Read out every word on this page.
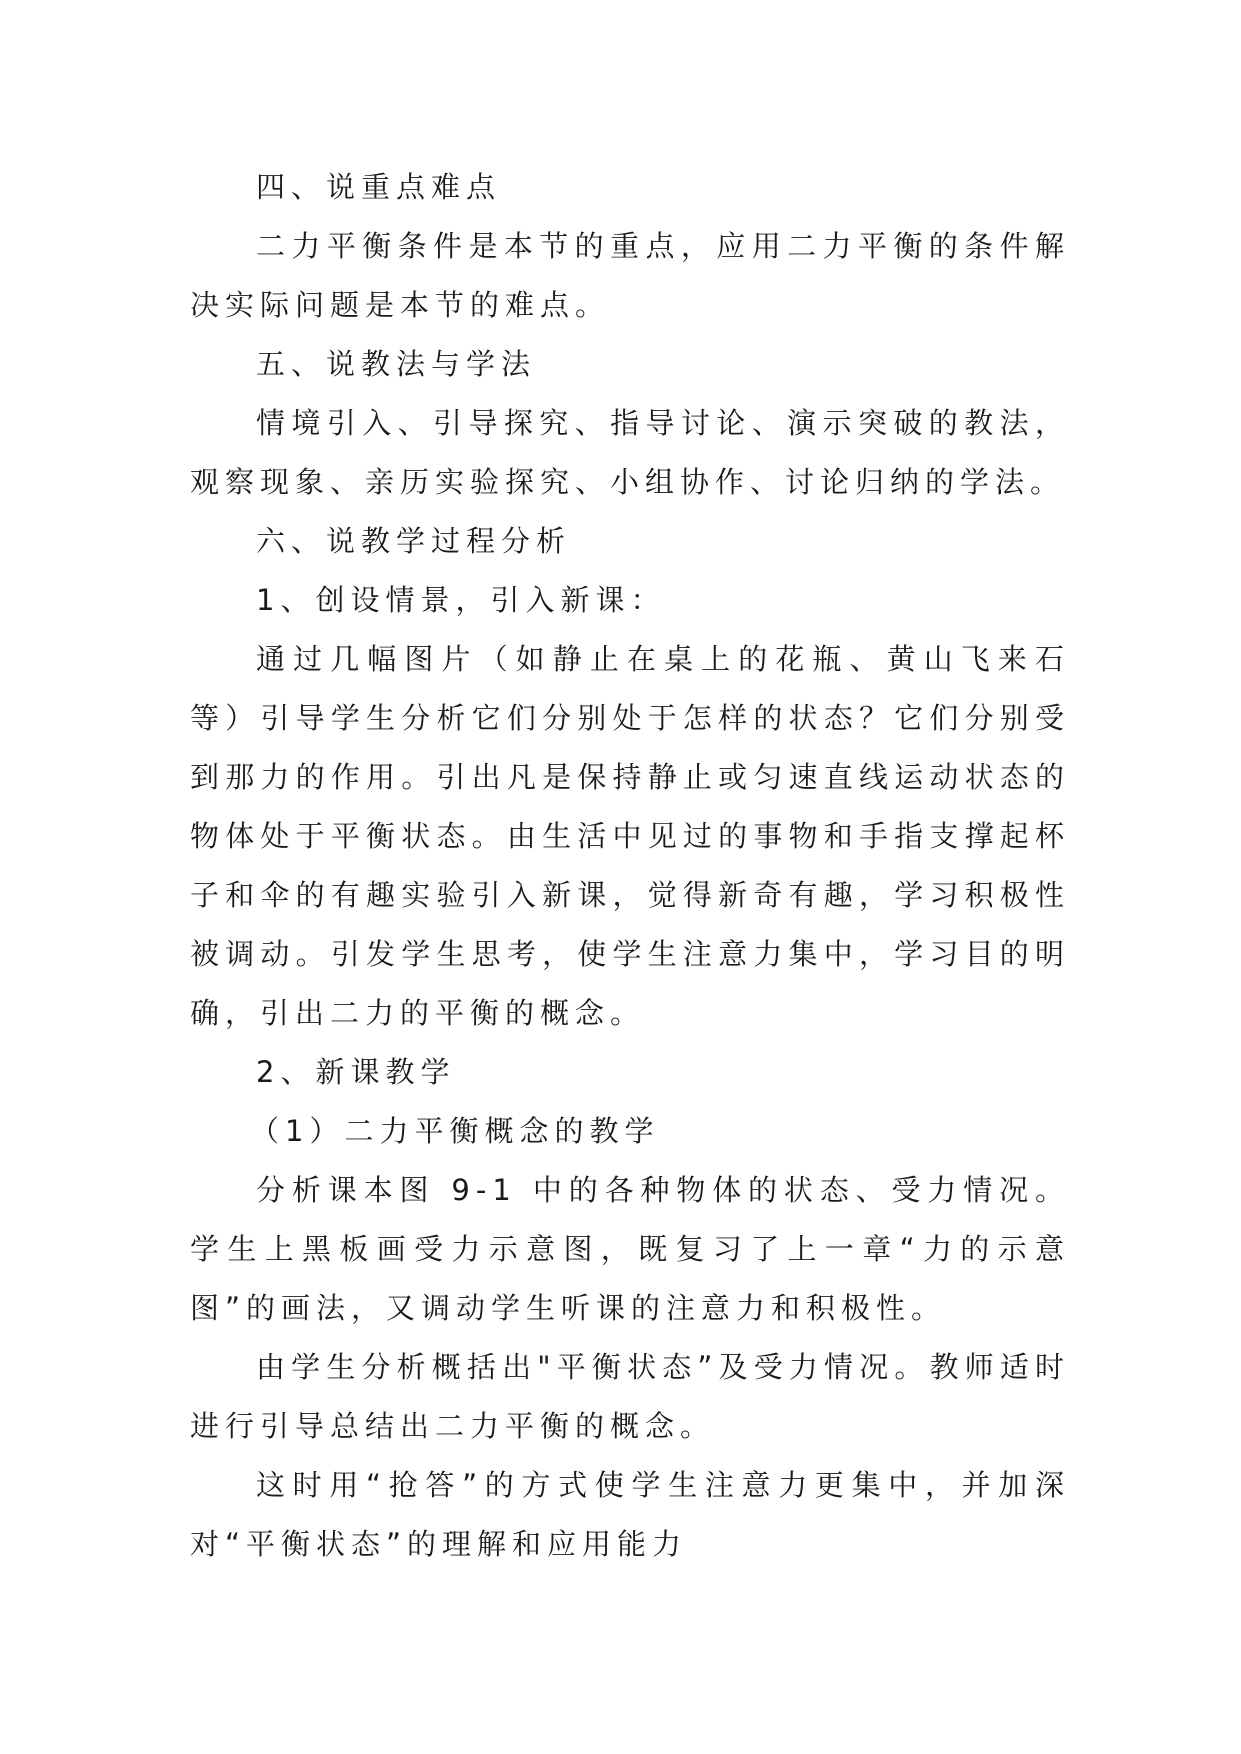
四、说重点难点

二力平衡条件是本节的重点，应用二力平衡的条件解决实际问题是本节的难点。

五、说教法与学法

情境引入、引导探究、指导讨论、演示突破的教法，观察现象、亲历实验探究、小组协作、讨论归纳的学法。

六、说教学过程分析

1、创设情景，引入新课：

通过几幅图片（如静止在桌上的花瓶、黄山飞来石等）引导学生分析它们分别处于怎样的状态？它们分别受到那力的作用。引出凡是保持静止或匀速直线运动状态的物体处于平衡状态。由生活中见过的事物和手指支撑起杯子和伞的有趣实验引入新课，觉得新奇有趣，学习积极性被调动。引发学生思考，使学生注意力集中，学习目的明确，引出二力的平衡的概念。

2、新课教学

（1）二力平衡概念的教学

分析课本图 9-1 中的各种物体的状态、受力情况。学生上黑板画受力示意图，既复习了上一章“力的示意图”的画法，又调动学生听课的注意力和积极性。

由学生分析概括出"平衡状态”及受力情况。教师适时进行引导总结出二力平衡的概念。

这时用“抢答”的方式使学生注意力更集中，并加深对“平衡状态”的理解和应用能力
